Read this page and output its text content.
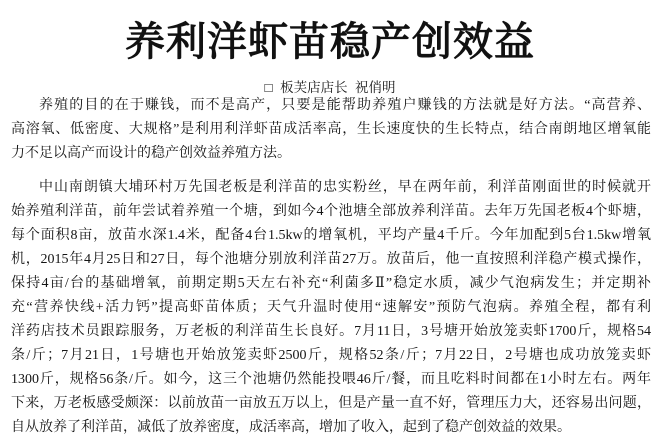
养利洋虾苗稳产创效益
□ 板芙店店长 祝俏明
养殖的目的在于赚钱，而不是高产，只要是能帮助养殖户赚钱的方法就是好方法。“高营养、
高溶氧、低密度、大规格”是利用利洋虾苗成活率高，生长速度快的生长特点，结合南朗地区增氧能
力不足以高产而设计的稳产创效益养殖方法。
中山南朗镇大埔环村万先国老板是利洋苗的忠实粉丝，早在两年前，利洋苗刚面世的时候就开
始养殖利洋苗，前年尝试着养殖一个塘，到如今4个池塘全部放养利洋苗。去年万先国老板4个虾塘，
每个面积8亩，放苗水深1.4米，配备4台1.5kw的增氧机，平均产量4千斤。今年加配到5台1.5kw增氧
机，2015年4月25日和27日，每个池塘分别放利洋苗27万。放苗后，他一直按照利洋稳产模式操作，
保持4亩/台的基础增氧，前期定期5天左右补充“利菌多Ⅱ”稳定水质，减少气泡病发生；并定期补
充“营养快线+活力钙”提高虾苗体质；天气升温时使用“速解安”预防气泡病。养殖全程，都有利
洋药店技术员跟踪服务，万老板的利洋苗生长良好。7月11日，3号塘开始放笼卖虾1700斤，规格54
条/斤；7月21日，1号塘也开始放笼卖虾2500斤，规格52条/斤；7月22日，2号塘也成功放笼卖虾
1300斤，规格56条/斤。如今，这三个池塘仍然能投喂46斤/餐，而且吃料时间都在1小时左右。两年
下来，万老板感受颇深：以前放苗一亩放五万以上，但是产量一直不好，管理压力大，还容易出问题，
自从放养了利洋苗，减低了放养密度，成活率高，增加了收入，起到了稳产创效益的效果。
